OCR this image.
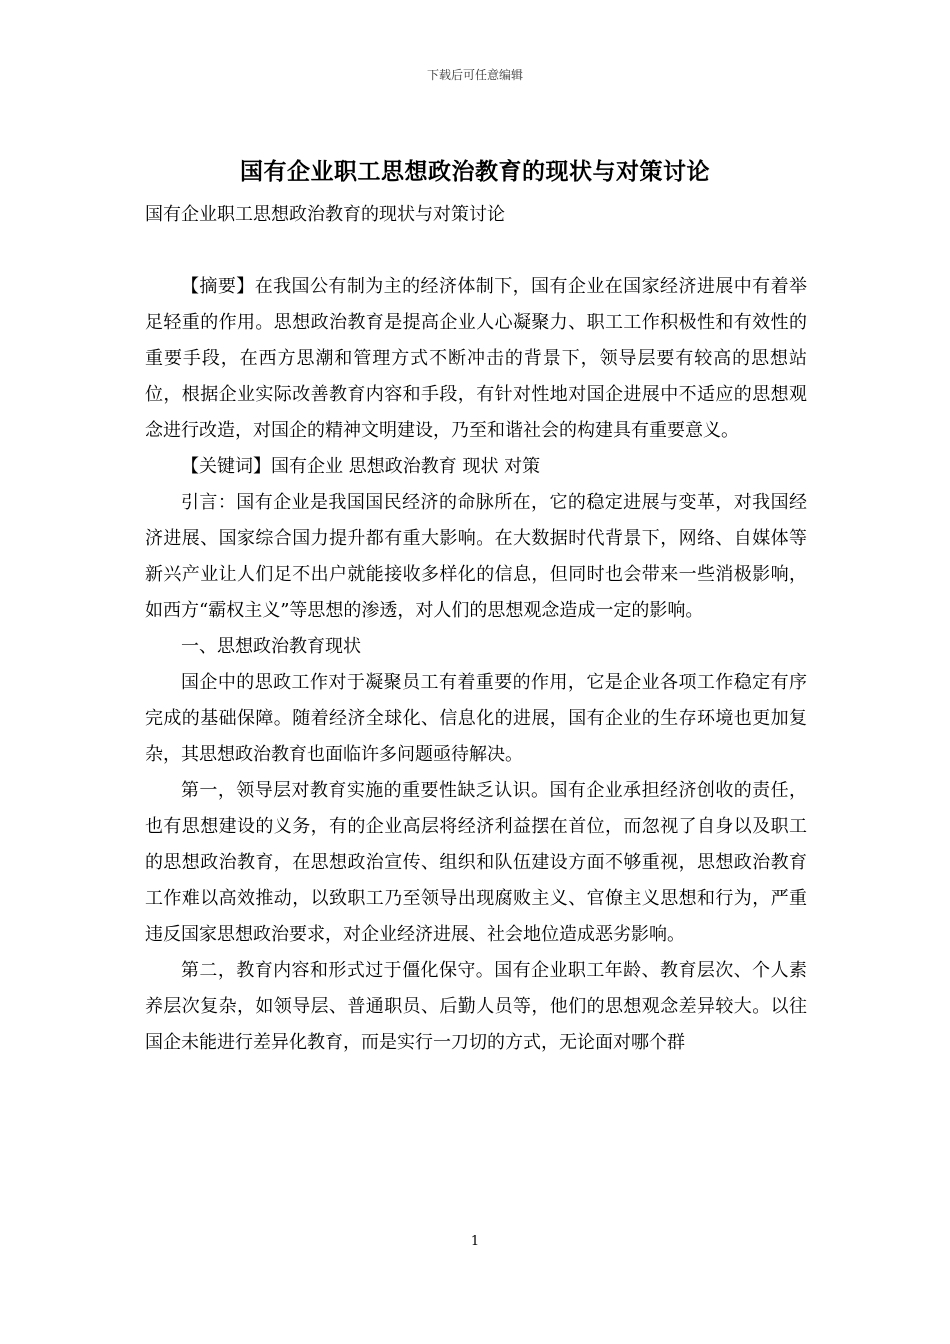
下载后可任意编辑
国有企业职工思想政治教育的现状与对策讨论
国有企业职工思想政治教育的现状与对策讨论

【摘要】在我国公有制为主的经济体制下，国有企业在国家经济进展中有着举足轻重的作用。思想政治教育是提高企业人心凝聚力、职工工作积极性和有效性的重要手段，在西方思潮和管理方式不断冲击的背景下，领导层要有较高的思想站位，根据企业实际改善教育内容和手段，有针对性地对国企进展中不适应的思想观念进行改造，对国企的精神文明建设，乃至和谐社会的构建具有重要意义。

【关键词】国有企业 思想政治教育 现状 对策

引言：国有企业是我国国民经济的命脉所在，它的稳定进展与变革，对我国经济进展、国家综合国力提升都有重大影响。在大数据时代背景下，网络、自媒体等新兴产业让人们足不出户就能接收多样化的信息，但同时也会带来一些消极影响，如西方“霸权主义”等思想的渗透，对人们的思想观念造成一定的影响。

一、思想政治教育现状

国企中的思政工作对于凝聚员工有着重要的作用，它是企业各项工作稳定有序完成的基础保障。随着经济全球化、信息化的进展，国有企业的生存环境也更加复杂，其思想政治教育也面临许多问题亟待解决。

第一，领导层对教育实施的重要性缺乏认识。国有企业承担经济创收的责任，也有思想建设的义务，有的企业高层将经济利益摆在首位，而忽视了自身以及职工的思想政治教育，在思想政治宣传、组织和队伍建设方面不够重视，思想政治教育工作难以高效推动，以致职工乃至领导出现腐败主义、官僚主义思想和行为，严重违反国家思想政治要求，对企业经济进展、社会地位造成恶劣影响。

第二，教育内容和形式过于僵化保守。国有企业职工年龄、教育层次、个人素养层次复杂，如领导层、普通职员、后勤人员等，他们的思想观念差异较大。以往国企未能进行差异化教育，而是实行一刀切的方式，无论面对哪个群

1
